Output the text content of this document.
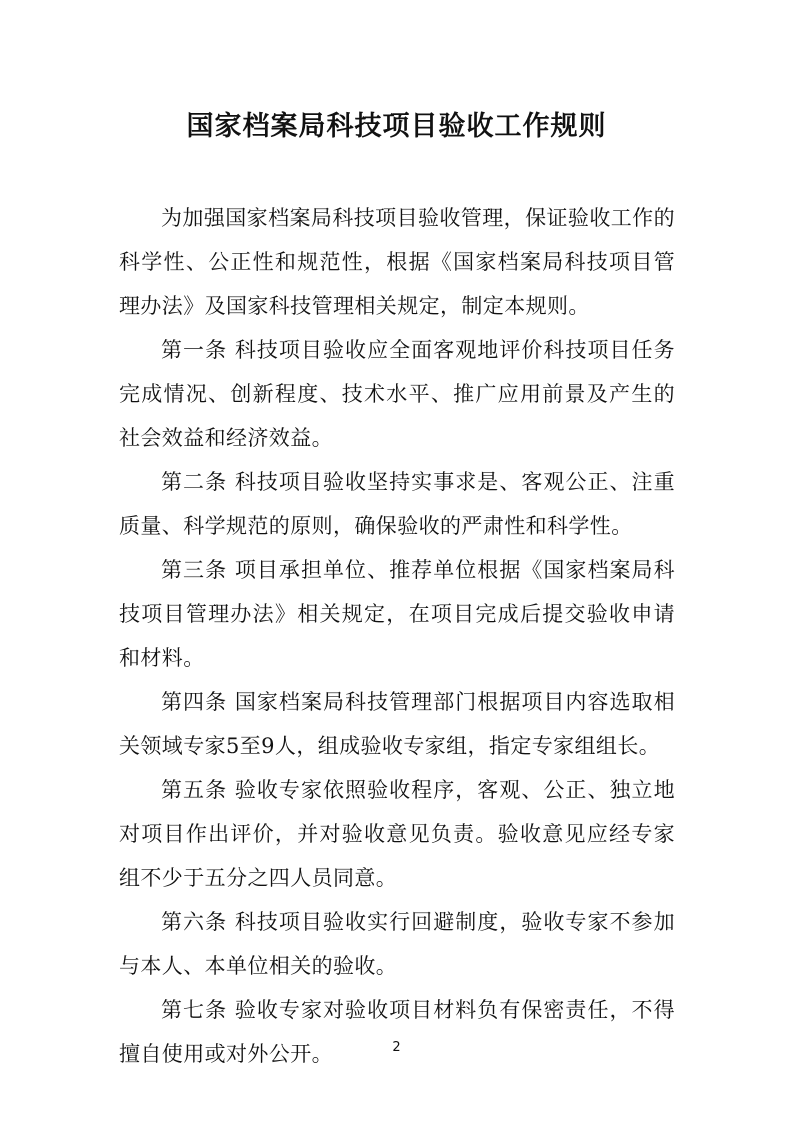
国家档案局科技项目验收工作规则

为加强国家档案局科技项目验收管理，保证验收工作的科学性、公正性和规范性，根据《国家档案局科技项目管理办法》及国家科技管理相关规定，制定本规则。

第一条 科技项目验收应全面客观地评价科技项目任务完成情况、创新程度、技术水平、推广应用前景及产生的社会效益和经济效益。

第二条 科技项目验收坚持实事求是、客观公正、注重质量、科学规范的原则，确保验收的严肃性和科学性。

第三条 项目承担单位、推荐单位根据《国家档案局科技项目管理办法》相关规定，在项目完成后提交验收申请和材料。

第四条 国家档案局科技管理部门根据项目内容选取相关领域专家5至9人，组成验收专家组，指定专家组组长。

第五条 验收专家依照验收程序，客观、公正、独立地对项目作出评价，并对验收意见负责。验收意见应经专家组不少于五分之四人员同意。

第六条 科技项目验收实行回避制度，验收专家不参加与本人、本单位相关的验收。

第七条 验收专家对验收项目材料负有保密责任，不得擅自使用或对外公开。	2
